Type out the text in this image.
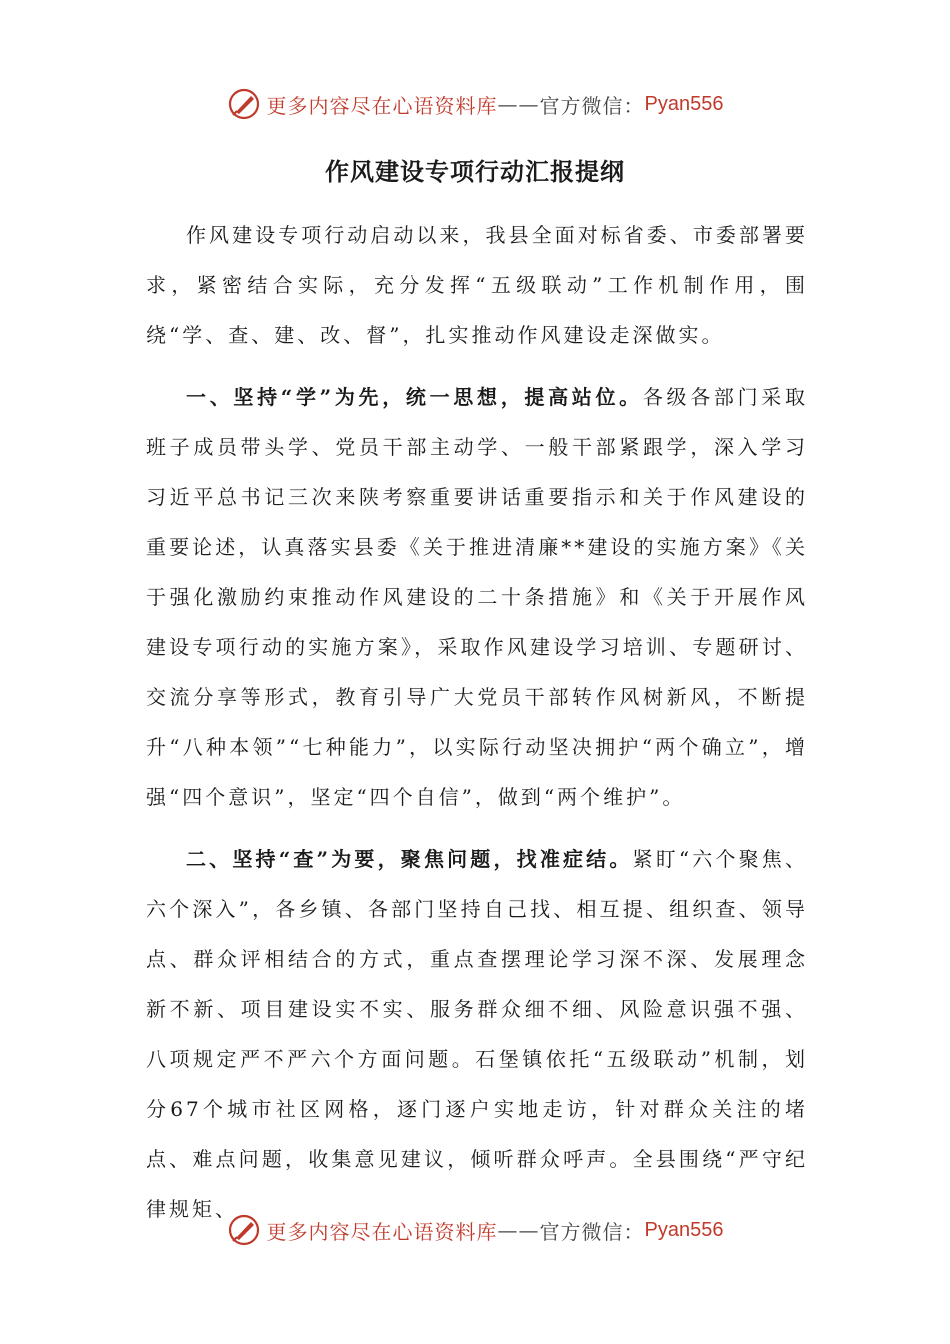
更多内容尽在心语资料库 —— 官方微信： Pyan556
作风建设专项行动汇报提纲

作风建设专项行动启动以来，我县全面对标省委、市委部署要求，紧密结合实际，充分发挥“五级联动”工作机制作用，围绕“学、查、建、改、督”，扎实推动作风建设走深做实。

一、坚持“学”为先，统一思想，提高站位。各级各部门采取班子成员带头学、党员干部主动学、一般干部紧跟学，深入学习习近平总书记三次来陕考察重要讲话重要指示和关于作风建设的重要论述，认真落实县委《关于推进清廉**建设的实施方案》《关于强化激励约束推动作风建设的二十条措施》和《关于开展作风建设专项行动的实施方案》，采取作风建设学习培训、专题研讨、交流分享等形式，教育引导广大党员干部转作风树新风，不断提升“八种本领”“七种能力”，以实际行动坚决拥护“两个确立”，增强“四个意识”，坚定“四个自信”，做到“两个维护”。

二、坚持“查”为要，聚焦问题，找准症结。紧盯“六个聚焦、六个深入”，各乡镇、各部门坚持自己找、相互提、组织查、领导点、群众评相结合的方式，重点查摆理论学习深不深、发展理念新不新、项目建设实不实、服务群众细不细、风险意识强不强、八项规定严不严六个方面问题。石堡镇依托“五级联动”机制，划分67个城市社区网格，逐门逐户实地走访，针对群众关注的堵点、难点问题，收集意见建议，倾听群众呼声。全县围绕“严守纪律规矩、

更多内容尽在心语资料库 —— 官方微信： Pyan556
